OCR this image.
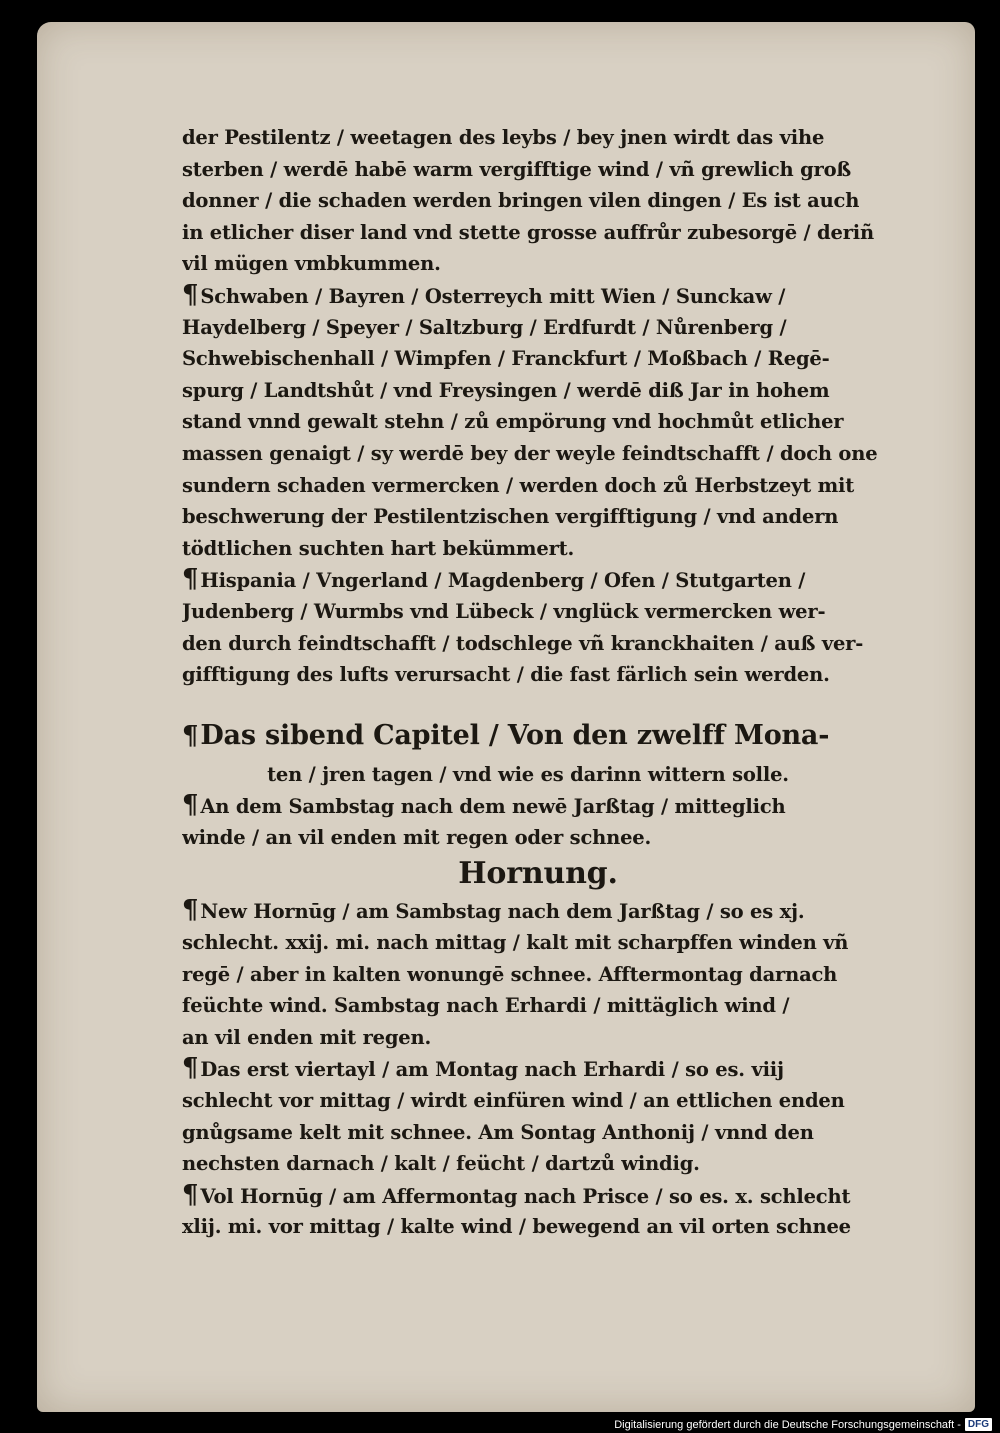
der Pestilentz / weetagen des leybs / bey jnen wirdt das vihe
sterben / werdē habē warm vergifftige wind / vñ grewlich groß
donner / die schaden werden bringen vilen dingen / Es ist auch
in etlicher diser land vnd stette grosse auffrůr zubesorgē / deriñ
vil mügen vmbkummen.
¶ Schwaben / Bayren / Osterreych mitt Wien / Sunckaw /
Haydelberg / Speyer / Saltzburg / Erdfurdt / Nůrenberg /
Schwebischenhall / Wimpfen / Franckfurt / Moßbach / Regē-
spurg / Landtshůt / vnd Freysingen / werdē diß Jar in hohem
stand vnnd gewalt stehn / zů empörung vnd hochmůt etlicher
massen genaigt / sy werdē bey der weyle feindtschafft / doch one
sundern schaden vermercken / werden doch zů Herbstzeyt mit
beschwerung der Pestilentzischen vergifftigung / vnd andern
tödtlichen suchten hart bekümmert.
¶ Hispania / Vngerland / Magdenberg / Ofen / Stutgarten /
Judenberg / Wurmbs vnd Lübeck / vnglück vermercken wer-
den durch feindtschafft / todschlege vñ kranckhaiten / auß ver-
gifftigung des lufts verursacht / die fast färlich sein werden.
¶Das sibend Capitel / Von den zwelff Mona-
ten / jren tagen / vnd wie es darinn wittern solle.
¶ An dem Sambstag nach dem newē Jarßtag / mitteglich
winde / an vil enden mit regen oder schnee.
Hornung.
¶ New Hornūg / am Sambstag nach dem Jarßtag / so es xj.
schlecht. xxij. mi. nach mittag / kalt mit scharpffen winden vñ
regē / aber in kalten wonungē schnee. Afftermontag darnach
feüchte wind. Sambstag nach Erhardi / mittäglich wind /
an vil enden mit regen.
¶ Das erst viertayl / am Montag nach Erhardi / so es. viij
schlecht vor mittag / wirdt einfüren wind / an ettlichen enden
gnůgsame kelt mit schnee. Am Sontag Anthonij / vnnd den
nechsten darnach / kalt / feücht / dartzů windig.
¶ Vol Hornūg / am Affermontag nach Prisce / so es. x. schlecht
xlij. mi. vor mittag / kalte wind / bewegend an vil orten schnee
Digitalisierung gefördert durch die Deutsche Forschungsgemeinschaft - DFG
